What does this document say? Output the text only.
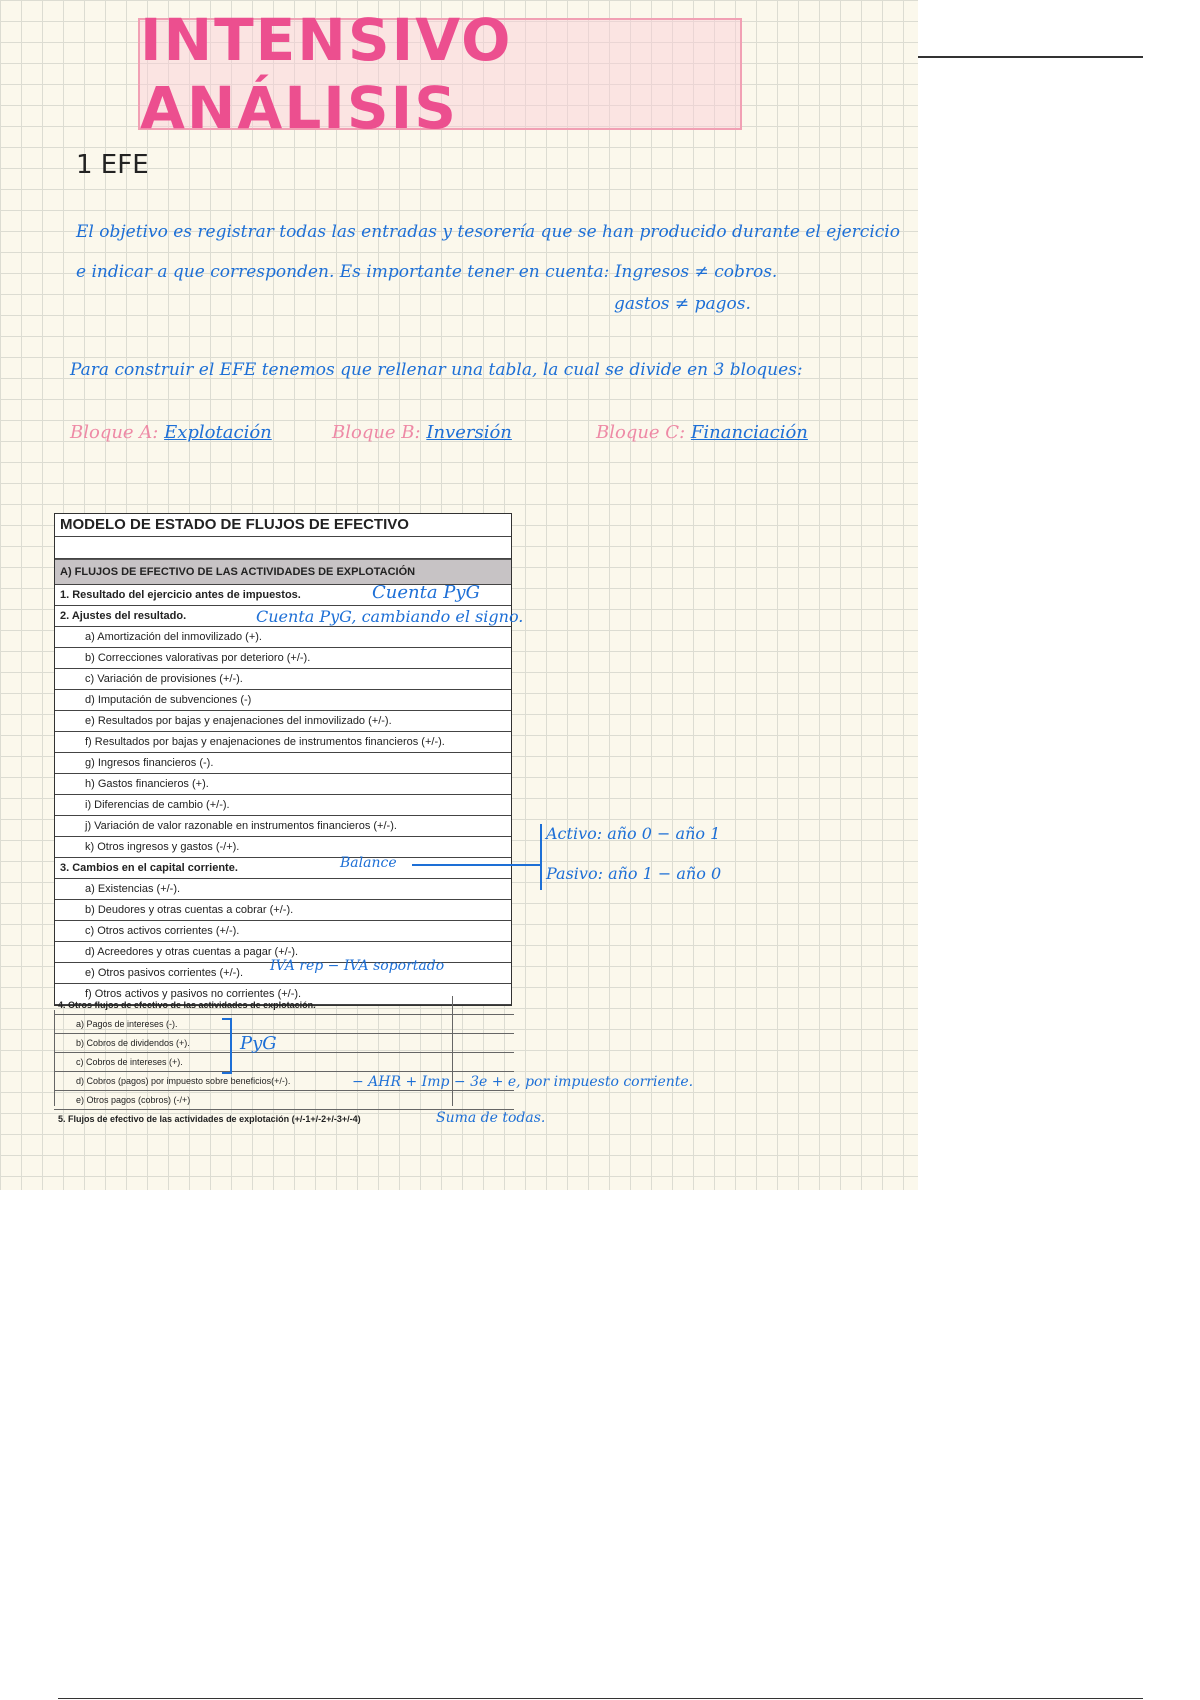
INTENSIVO ANÁLISIS
1 EFE
El objetivo es registrar todas las entradas y tesorería que se han producido durante el ejercicio
e indicar a que corresponden. Es importante tener en cuenta: Ingresos ≠ cobros.
gastos ≠ pagos.
Para construir el EFE tenemos que rellenar una tabla, la cual se divide en 3 bloques:
Bloque A: Explotación	Bloque B: Inversión	Bloque C: Financiación
MODELO DE ESTADO DE FLUJOS DE EFECTIVO
A) FLUJOS DE EFECTIVO DE LAS ACTIVIDADES DE EXPLOTACIÓN
1. Resultado del ejercicio antes de impuestos.
2. Ajustes del resultado.
a) Amortización del inmovilizado (+).
b) Correcciones valorativas por deterioro (+/-).
c) Variación de provisiones (+/-).
d) Imputación de subvenciones (-)
e) Resultados por bajas y enajenaciones del inmovilizado (+/-).
f) Resultados por bajas y enajenaciones de instrumentos financieros (+/-).
g) Ingresos financieros (-).
h) Gastos financieros (+).
i) Diferencias de cambio (+/-).
j) Variación de valor razonable en instrumentos financieros (+/-).
k) Otros ingresos y gastos (-/+).
3. Cambios en el capital corriente.
a) Existencias (+/-).
b) Deudores y otras cuentas a cobrar (+/-).
c) Otros activos corrientes (+/-).
d) Acreedores y otras cuentas a pagar (+/-).
e) Otros pasivos corrientes (+/-).
f) Otros activos y pasivos no corrientes (+/-).
4. Otros flujos de efectivo de las actividades de explotación.
a) Pagos de intereses (-).
b) Cobros de dividendos (+).
c) Cobros de intereses (+).
d) Cobros (pagos) por impuesto sobre beneficios(+/-).
e) Otros pagos (cobros) (-/+)
5. Flujos de efectivo de las actividades de explotación (+/-1+/-2+/-3+/-4)
Cuenta PyG
Cuenta PyG, cambiando el signo.
Balance
Activo: año 0 − año 1
Pasivo: año 1 − año 0
IVA rep − IVA soportado
PyG
− AHR + Imp − 3e + e, por impuesto corriente.
Suma de todas.
